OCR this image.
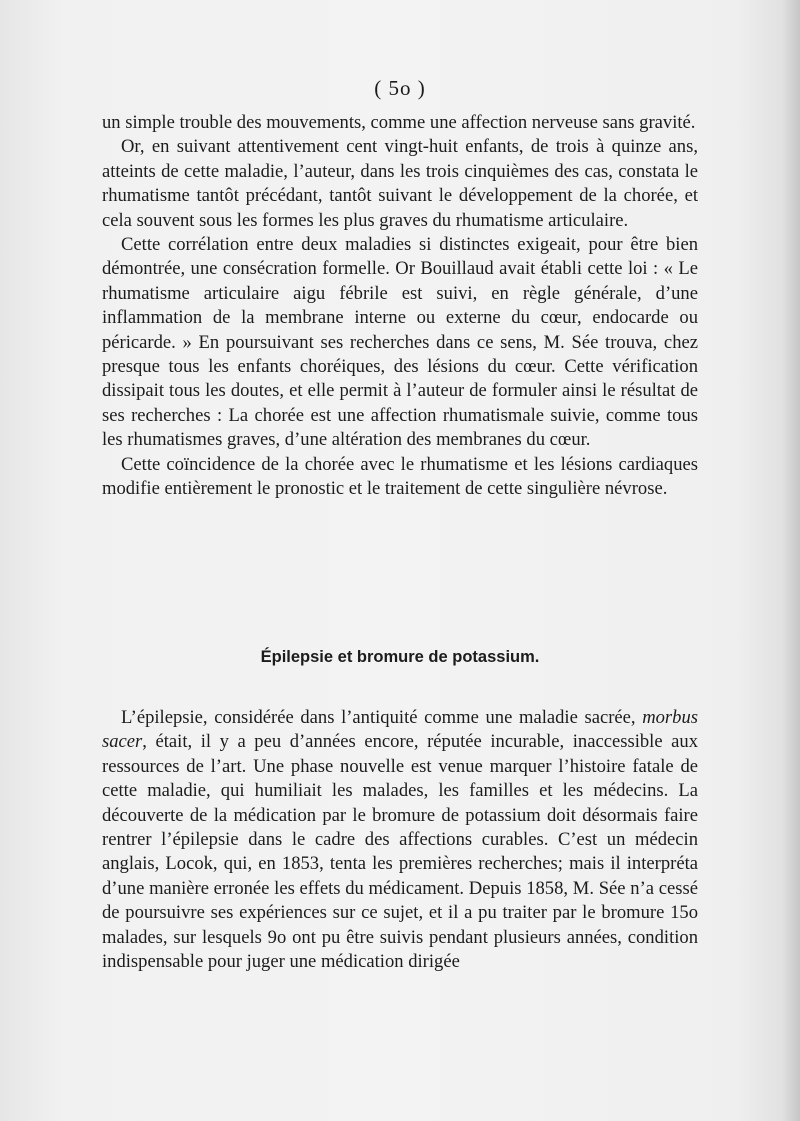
( 5o )

un simple trouble des mouvements, comme une affection nerveuse sans gravité.

Or, en suivant attentivement cent vingt-huit enfants, de trois à quinze ans, atteints de cette maladie, l’auteur, dans les trois cinquièmes des cas, constata le rhumatisme tantôt précédant, tantôt suivant le développement de la chorée, et cela souvent sous les formes les plus graves du rhumatisme articulaire.

Cette corrélation entre deux maladies si distinctes exigeait, pour être bien démontrée, une consécration formelle. Or Bouillaud avait établi cette loi : « Le rhumatisme articulaire aigu fébrile est suivi, en règle générale, d’une inflammation de la membrane interne ou externe du cœur, endocarde ou péricarde. » En poursuivant ses recherches dans ce sens, M. Sée trouva, chez presque tous les enfants choréiques, des lésions du cœur. Cette vérification dissipait tous les doutes, et elle permit à l’auteur de formuler ainsi le résultat de ses recherches : La chorée est une affection rhumatismale suivie, comme tous les rhumatismes graves, d’une altération des membranes du cœur.

Cette coïncidence de la chorée avec le rhumatisme et les lésions cardiaques modifie entièrement le pronostic et le traitement de cette singulière névrose.

Épilepsie et bromure de potassium.

L’épilepsie, considérée dans l’antiquité comme une maladie sacrée, morbus sacer, était, il y a peu d’années encore, réputée incurable, inaccessible aux ressources de l’art. Une phase nouvelle est venue marquer l’histoire fatale de cette maladie, qui humiliait les malades, les familles et les médecins. La découverte de la médication par le bromure de potassium doit désormais faire rentrer l’épilepsie dans le cadre des affections curables. C’est un médecin anglais, Locok, qui, en 1853, tenta les premières recherches; mais il interpréta d’une manière erronée les effets du médicament. Depuis 1858, M. Sée n’a cessé de poursuivre ses expériences sur ce sujet, et il a pu traiter par le bromure 15o malades, sur lesquels 9o ont pu être suivis pendant plusieurs années, condition indispensable pour juger une médication dirigée
